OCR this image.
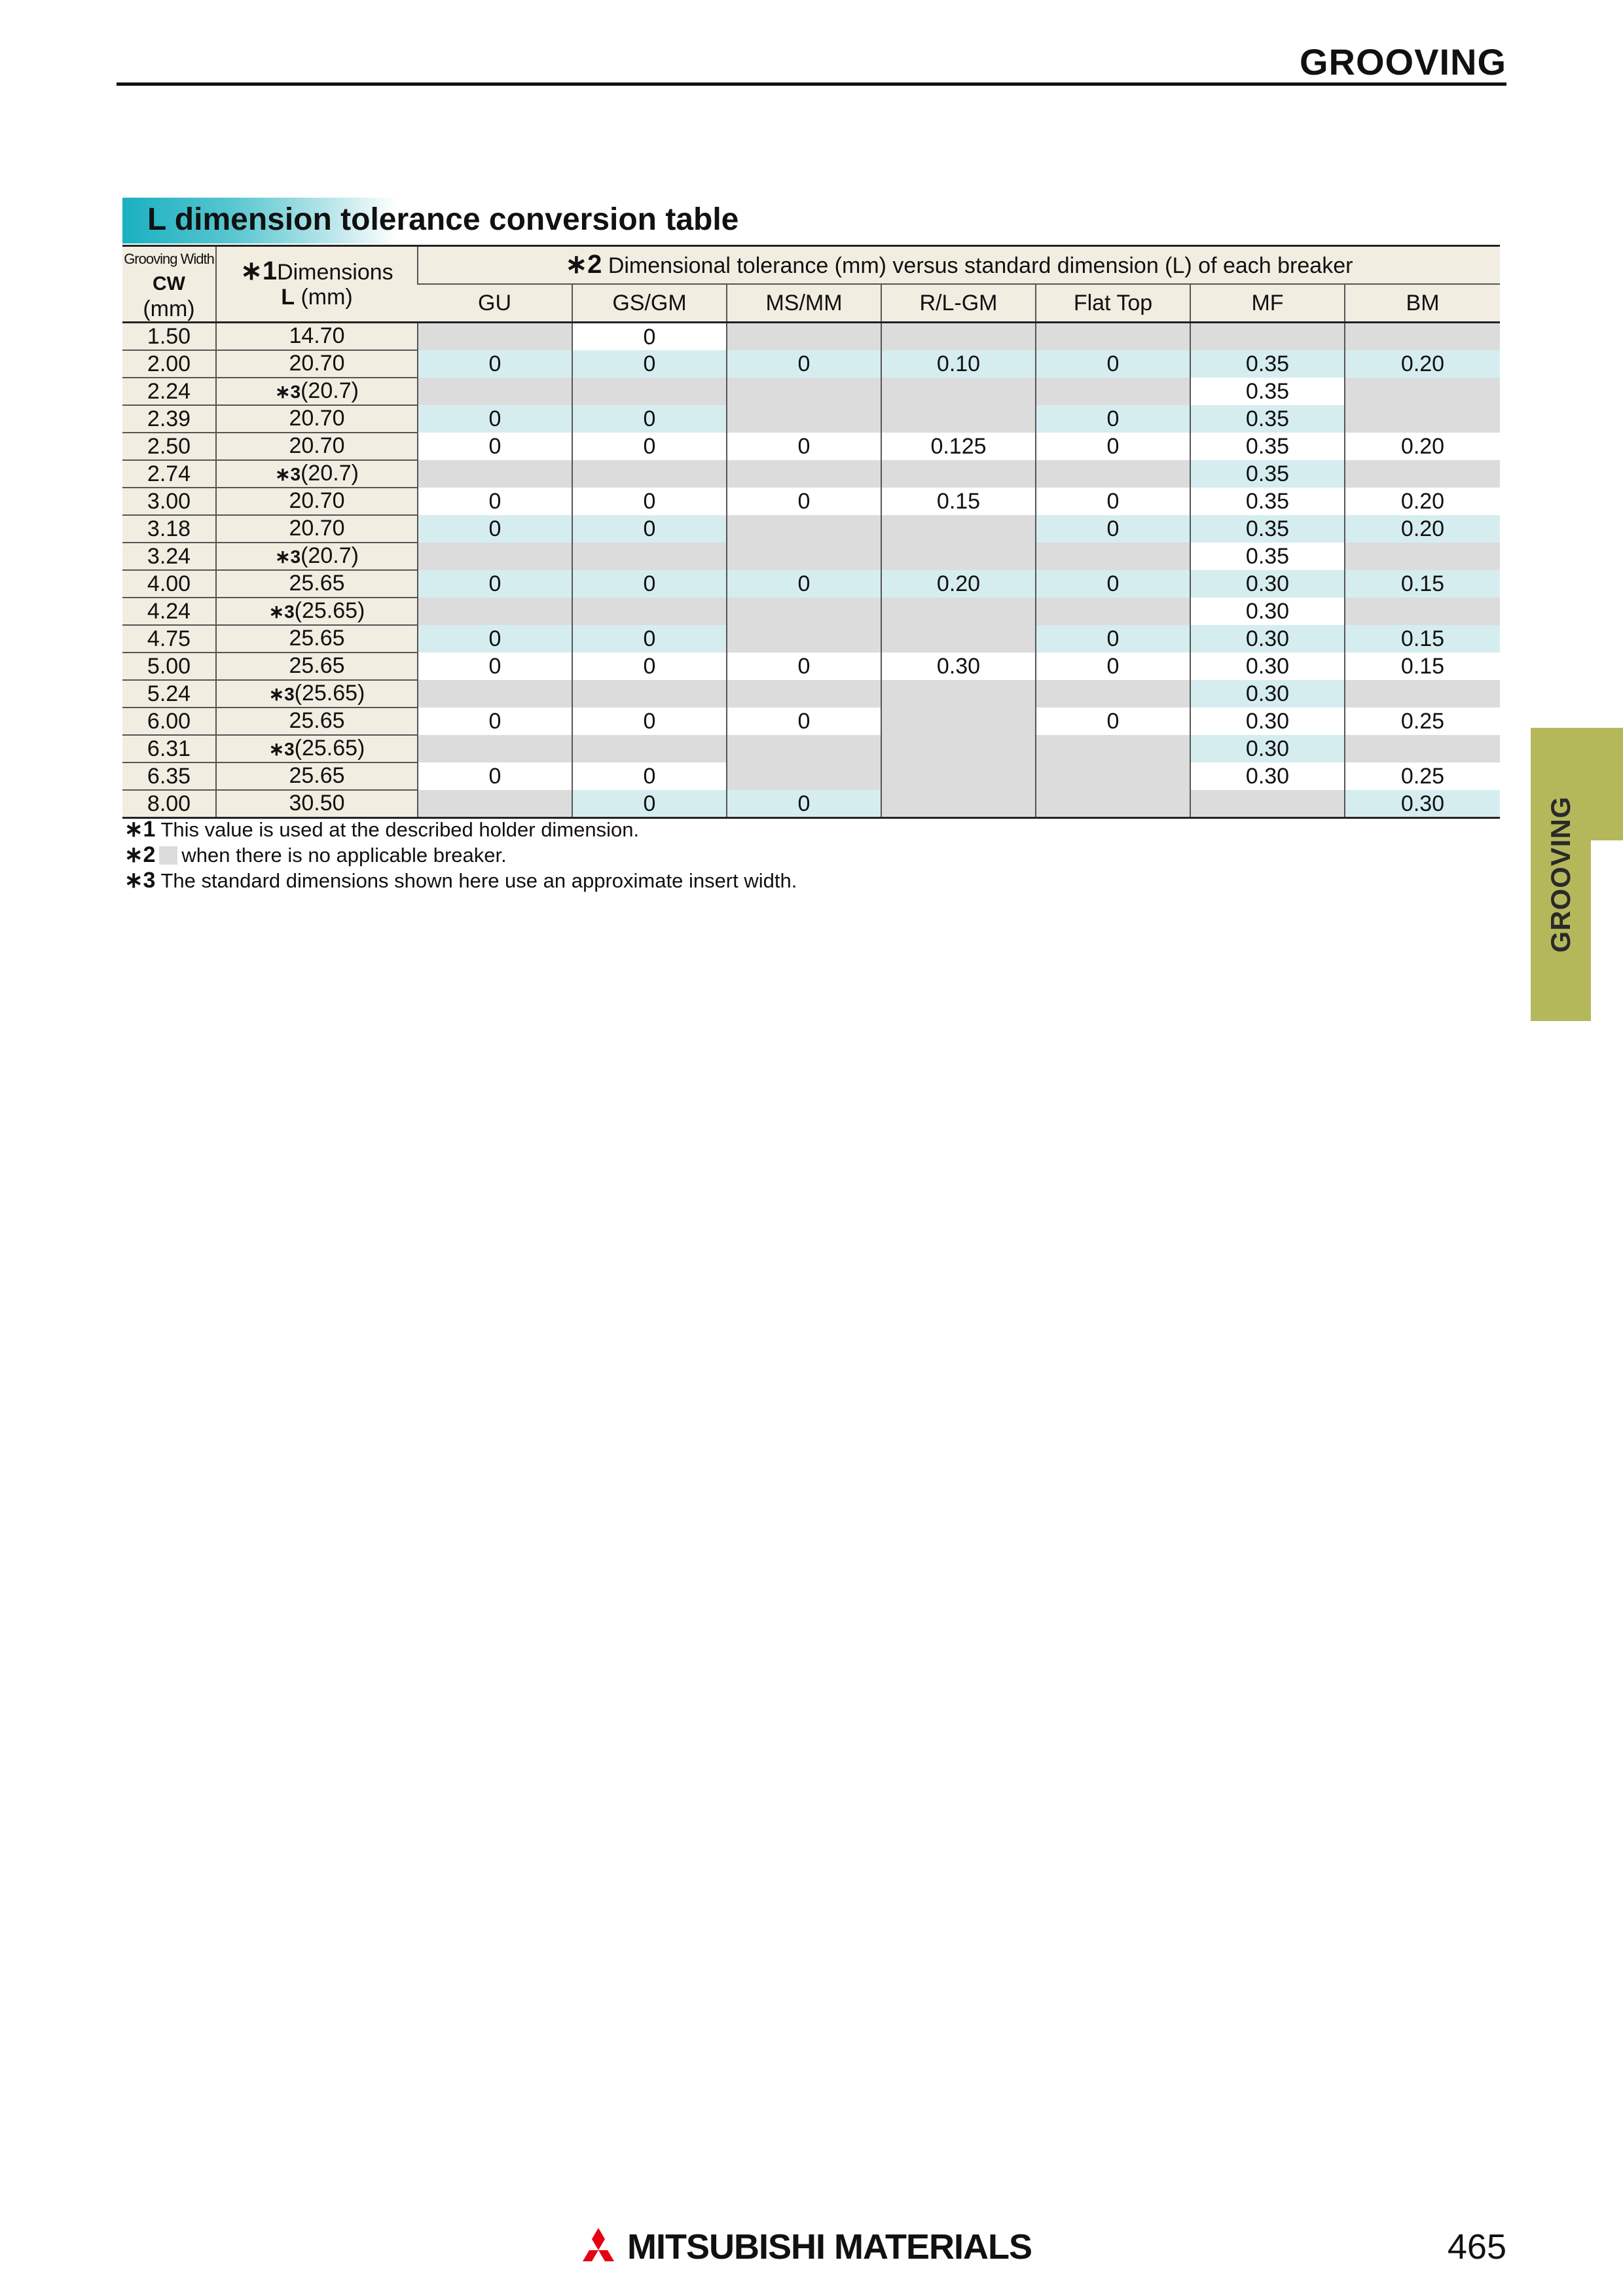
GROOVING
L dimension tolerance conversion table
Grooving Width
CW
(mm)	∗1Dimensions
L (mm)	∗2 Dimensional tolerance (mm) versus standard dimension (L) of each breaker						
		GU	GS/GM	MS/MM	R/L-GM	Flat Top	MF	BM
1.50	14.70		0					
2.00	20.70	0	0	0	0.10	0	0.35	0.20
2.24	∗3(20.7)						0.35	
2.39	20.70	0	0			0	0.35	
2.50	20.70	0	0	0	0.125	0	0.35	0.20
2.74	∗3(20.7)						0.35	
3.00	20.70	0	0	0	0.15	0	0.35	0.20
3.18	20.70	0	0			0	0.35	0.20
3.24	∗3(20.7)						0.35	
4.00	25.65	0	0	0	0.20	0	0.30	0.15
4.24	∗3(25.65)						0.30	
4.75	25.65	0	0			0	0.30	0.15
5.00	25.65	0	0	0	0.30	0	0.30	0.15
5.24	∗3(25.65)						0.30	
6.00	25.65	0	0	0		0	0.30	0.25
6.31	∗3(25.65)						0.30	
6.35	25.65	0	0				0.30	0.25
8.00	30.50		0	0				0.30
∗1 This value is used at the described holder dimension.
∗2 when there is no applicable breaker.
∗3 The standard dimensions shown here use an approximate insert width.	GROOVING
MITSUBISHI MATERIALS	465
